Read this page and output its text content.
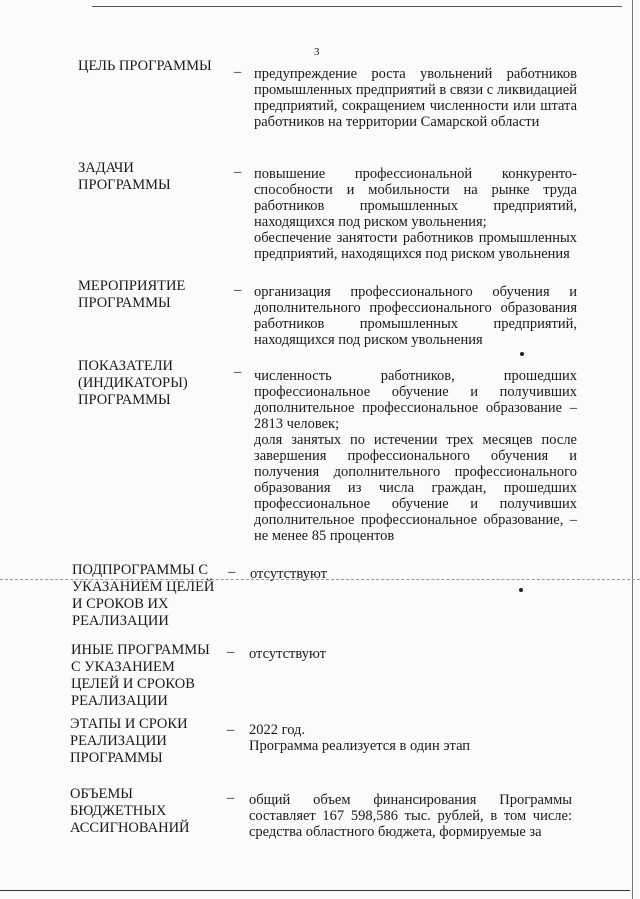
3
ЦЕЛЬ ПРОГРАММЫ	– предупреждение роста увольнений работников промышленных предприятий в связи с ликвидацией предприятий, сокращением численности или штата работников на территории Самарской области

ЗАДАЧИ ПРОГРАММЫ
– повышение профессиональной конкуренто-способности и мобильности на рынке труда работников промышленных предприятий, находящихся под риском увольнения;

обеспечение занятости работников промышленных предприятий, находящихся под риском увольнения

МЕРОПРИЯТИЕ ПРОГРАММЫ
– организация профессионального обучения и дополнительного профессионального образования работников промышленных предприятий, находящихся под риском увольнения

ПОКАЗАТЕЛИ (ИНДИКАТОРЫ) ПРОГРАММЫ
– численность работников, прошедших профессиональное обучение и получивших дополнительное профессиональное образование – 2813 человек;

доля занятых по истечении трех месяцев после завершения профессионального обучения и получения дополнительного профессионального образования из числа граждан, прошедших профессиональное обучение и получивших дополнительное профессиональное образование, – не менее 85 процентов

ПОДПРОГРАММЫ С УКАЗАНИЕМ ЦЕЛЕЙ И СРОКОВ ИХ РЕАЛИЗАЦИИ
– отсутствуют

ИНЫЕ ПРОГРАММЫ С УКАЗАНИЕМ ЦЕЛЕЙ И СРОКОВ РЕАЛИЗАЦИИ
– отсутствуют

ЭТАПЫ И СРОКИ РЕАЛИЗАЦИИ ПРОГРАММЫ
– 2022 год.

Программа реализуется в один этап

ОБЪЕМЫ БЮДЖЕТНЫХ АССИГНОВАНИЙ
– общий объем финансирования Программы составляет 167 598,586 тыс. рублей, в том числе: средства областного бюджета, формируемые за
